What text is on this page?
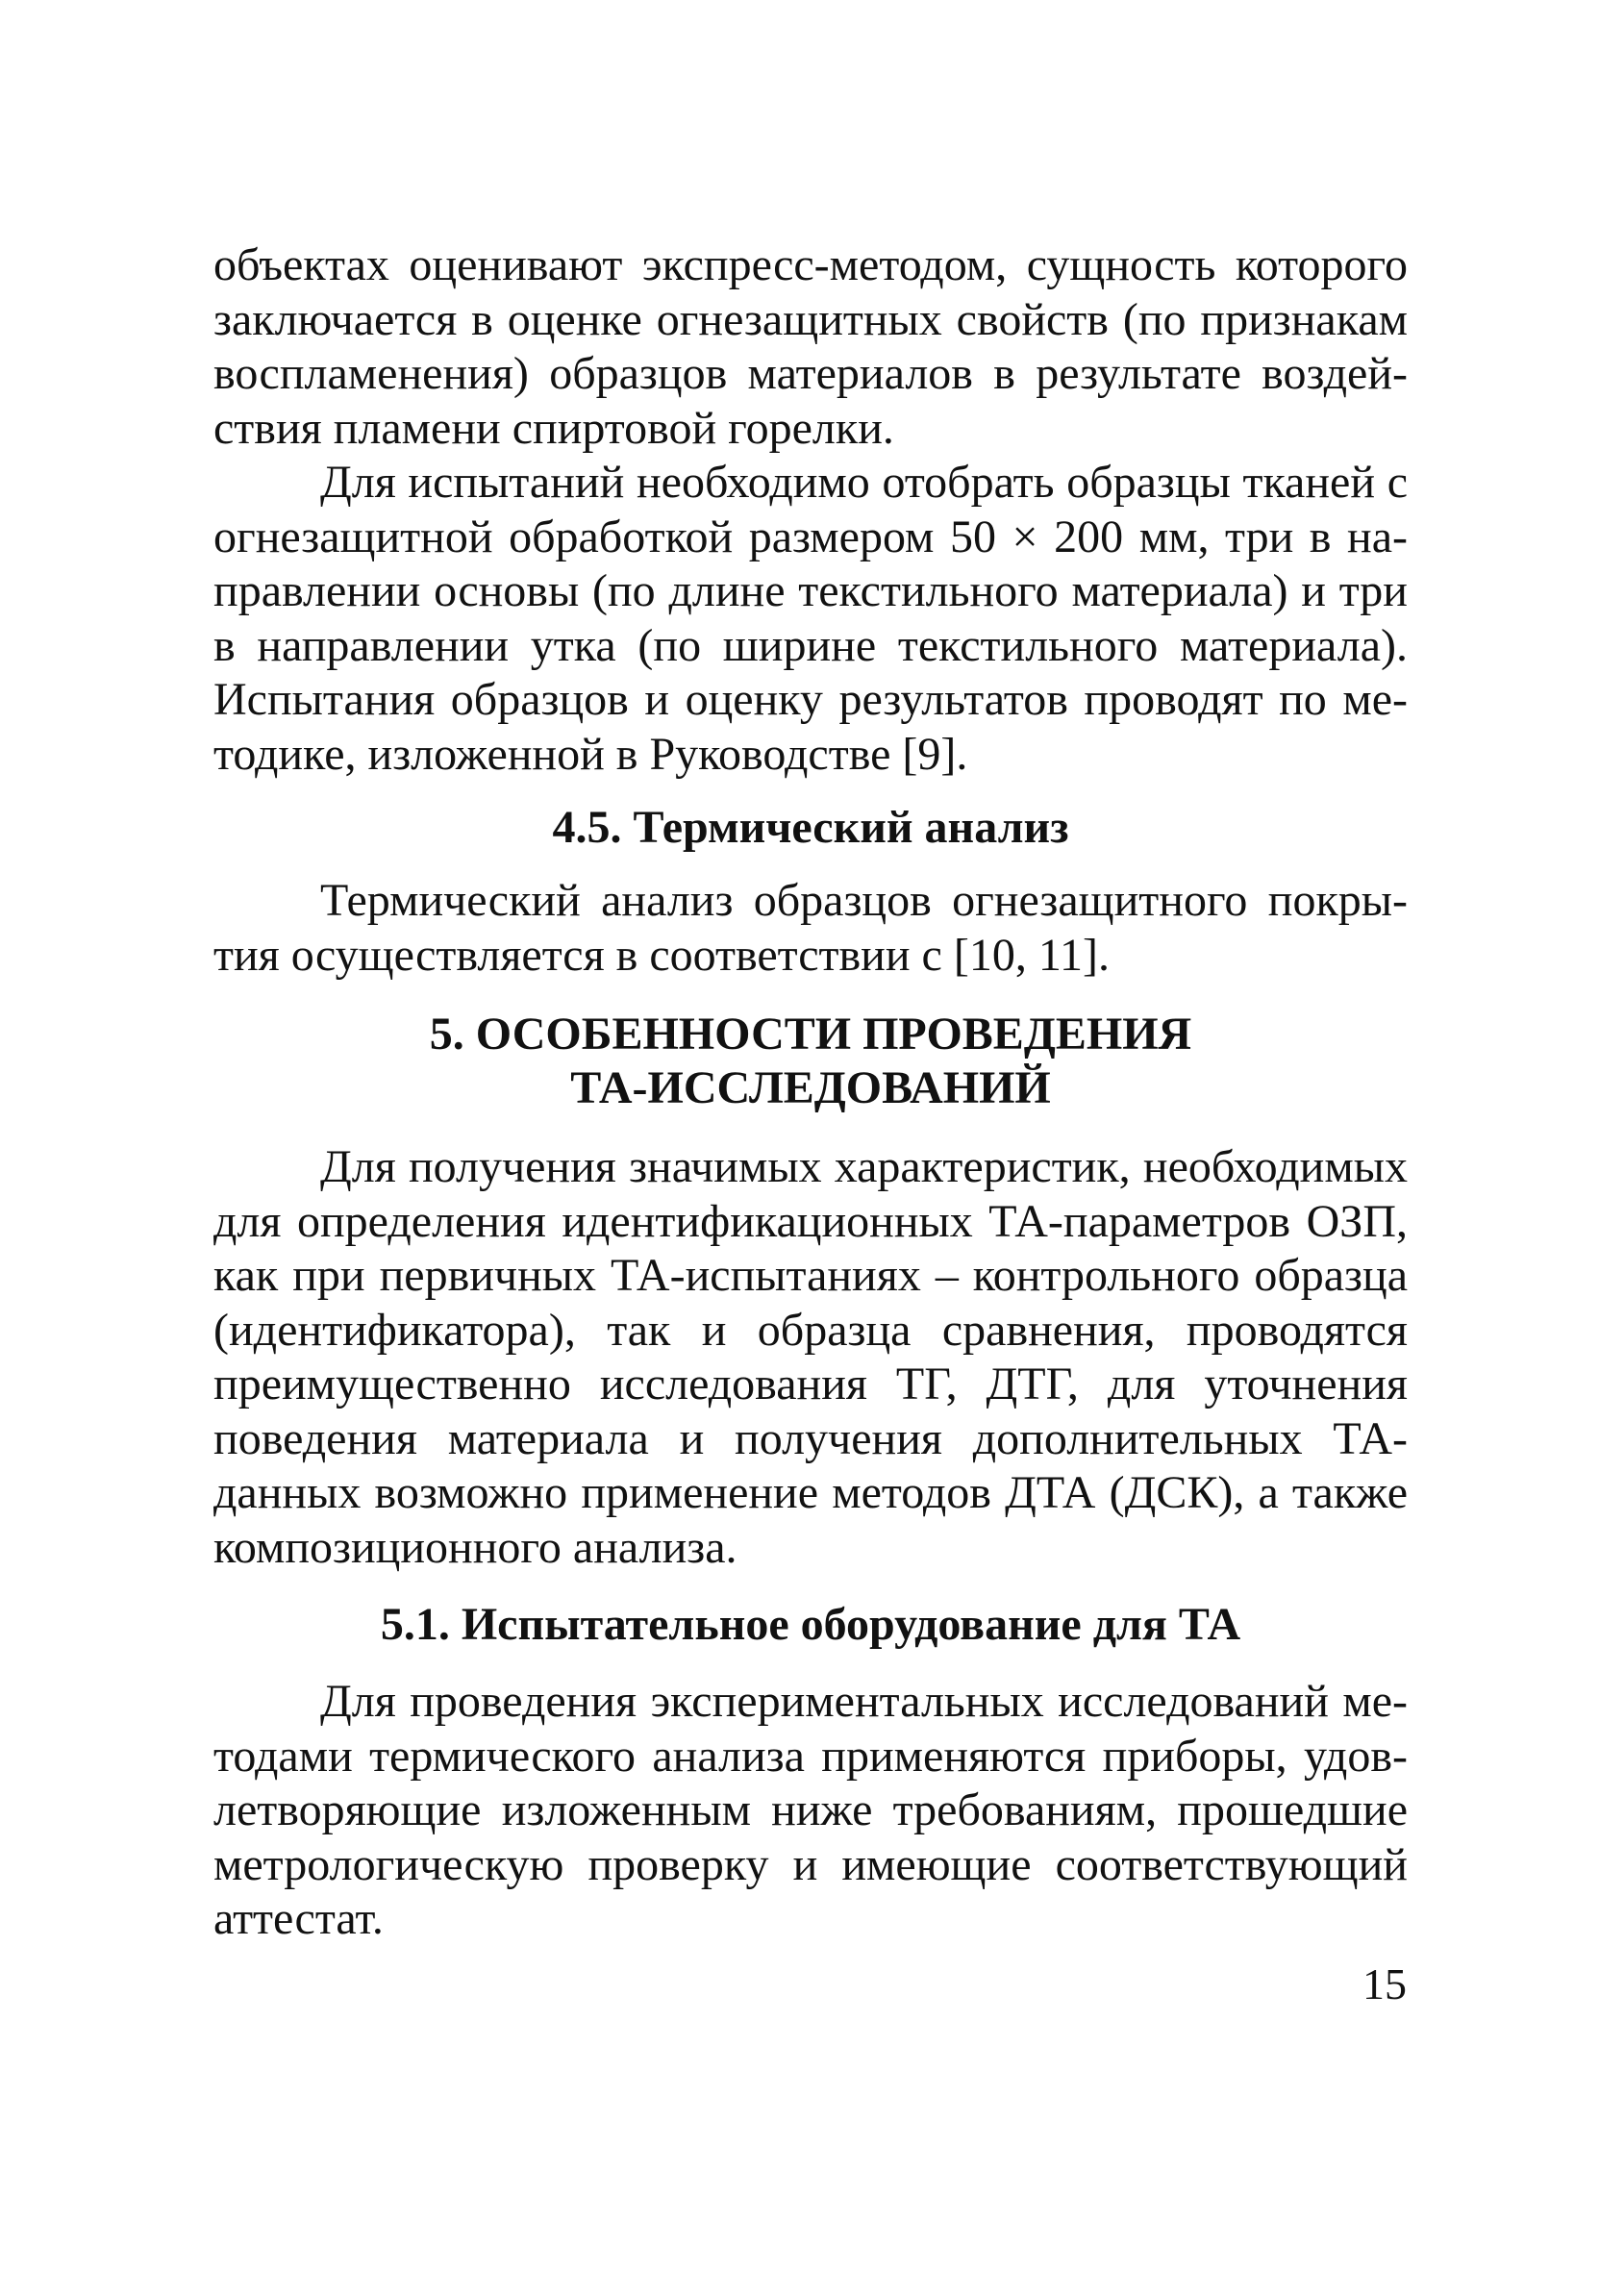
объектах оценивают экспресс-методом, сущность которого заключается в оценке огнезащитных свойств (по признакам воспламенения) образцов материалов в результате воздействия пламени спиртовой горелки.

Для испытаний необходимо отобрать образцы тканей с огнезащитной обработкой размером 50 × 200 мм, три в направлении основы (по длине текстильного материала) и три в направлении утка (по ширине текстильного материала). Испытания образцов и оценку результатов проводят по методике, изложенной в Руководстве [9].

4.5. Термический анализ

Термический анализ образцов огнезащитного покрытия осуществляется в соответствии с [10, 11].

5. ОСОБЕННОСТИ ПРОВЕДЕНИЯ
ТА-ИССЛЕДОВАНИЙ

Для получения значимых характеристик, необходимых для определения идентификационных ТА-параметров ОЗП, как при первичных ТА-испытаниях – контрольного образца (идентификатора), так и образца сравнения, проводятся преимущественно исследования ТГ, ДТГ, для уточнения поведения материала и получения дополнительных ТА-данных возможно применение методов ДТА (ДСК), а также композиционного анализа.

5.1. Испытательное оборудование для ТА

Для проведения экспериментальных исследований методами термического анализа применяются приборы, удовлетворяющие изложенным ниже требованиям, прошедшие метрологическую проверку и имеющие соответствующий аттестат.

15
